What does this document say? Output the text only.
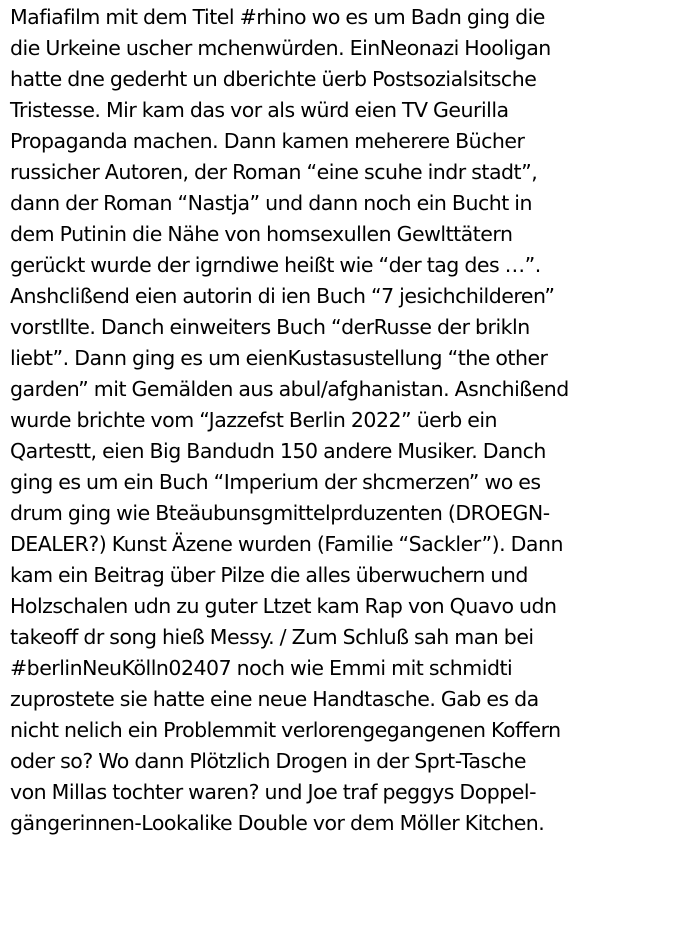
Mafiafilm mit dem Titel #rhino wo es um Badn ging die
die Urkeine uscher mchenwürden. EinNeonazi Hooligan
hatte dne gederht un dberichte üerb Postsozialsitsche
Tristesse. Mir kam das vor als würd eien TV Geurilla
Propaganda machen. Dann kamen meherere Bücher
russicher Autoren, der Roman “eine scuhe indr stadt”,
dann der Roman “Nastja” und dann noch ein Bucht in
dem Putinin die Nähe von homsexullen Gewlttätern
gerückt wurde der igrndiwe heißt wie “der tag des …”.
Anshclißend eien autorin di ien Buch “7 jesichchilderen”
vorstllte. Danch einweiters Buch “derRusse der brikln
liebt”. Dann ging es um eienKustasustellung “the other
garden” mit Gemälden aus abul/afghanistan. Asnchißend
wurde brichte vom “Jazzefst Berlin 2022” üerb ein
Qartestt, eien Big Bandudn 150 andere Musiker. Danch
ging es um ein Buch “Imperium der shcmerzen” wo es
drum ging wie Bteäubunsgmittelprduzenten (DROEGN-
DEALER?) Kunst Äzene wurden (Familie “Sackler”). Dann
kam ein Beitrag über Pilze die alles überwuchern und
Holzschalen udn zu guter Ltzet kam Rap von Quavo udn
takeoff dr song hieß Messy. / Zum Schluß sah man bei
#berlinNeuKölln02407 noch wie Emmi mit schmidti
zuprostete sie hatte eine neue Handtasche. Gab es da
nicht nelich ein Problemmit verlorengegangenen Koffern
oder so? Wo dann Plötzlich Drogen in der Sprt-Tasche
von Millas tochter waren? und Joe traf peggys Doppel-
gängerinnen-Lookalike Double vor dem Möller Kitchen.
